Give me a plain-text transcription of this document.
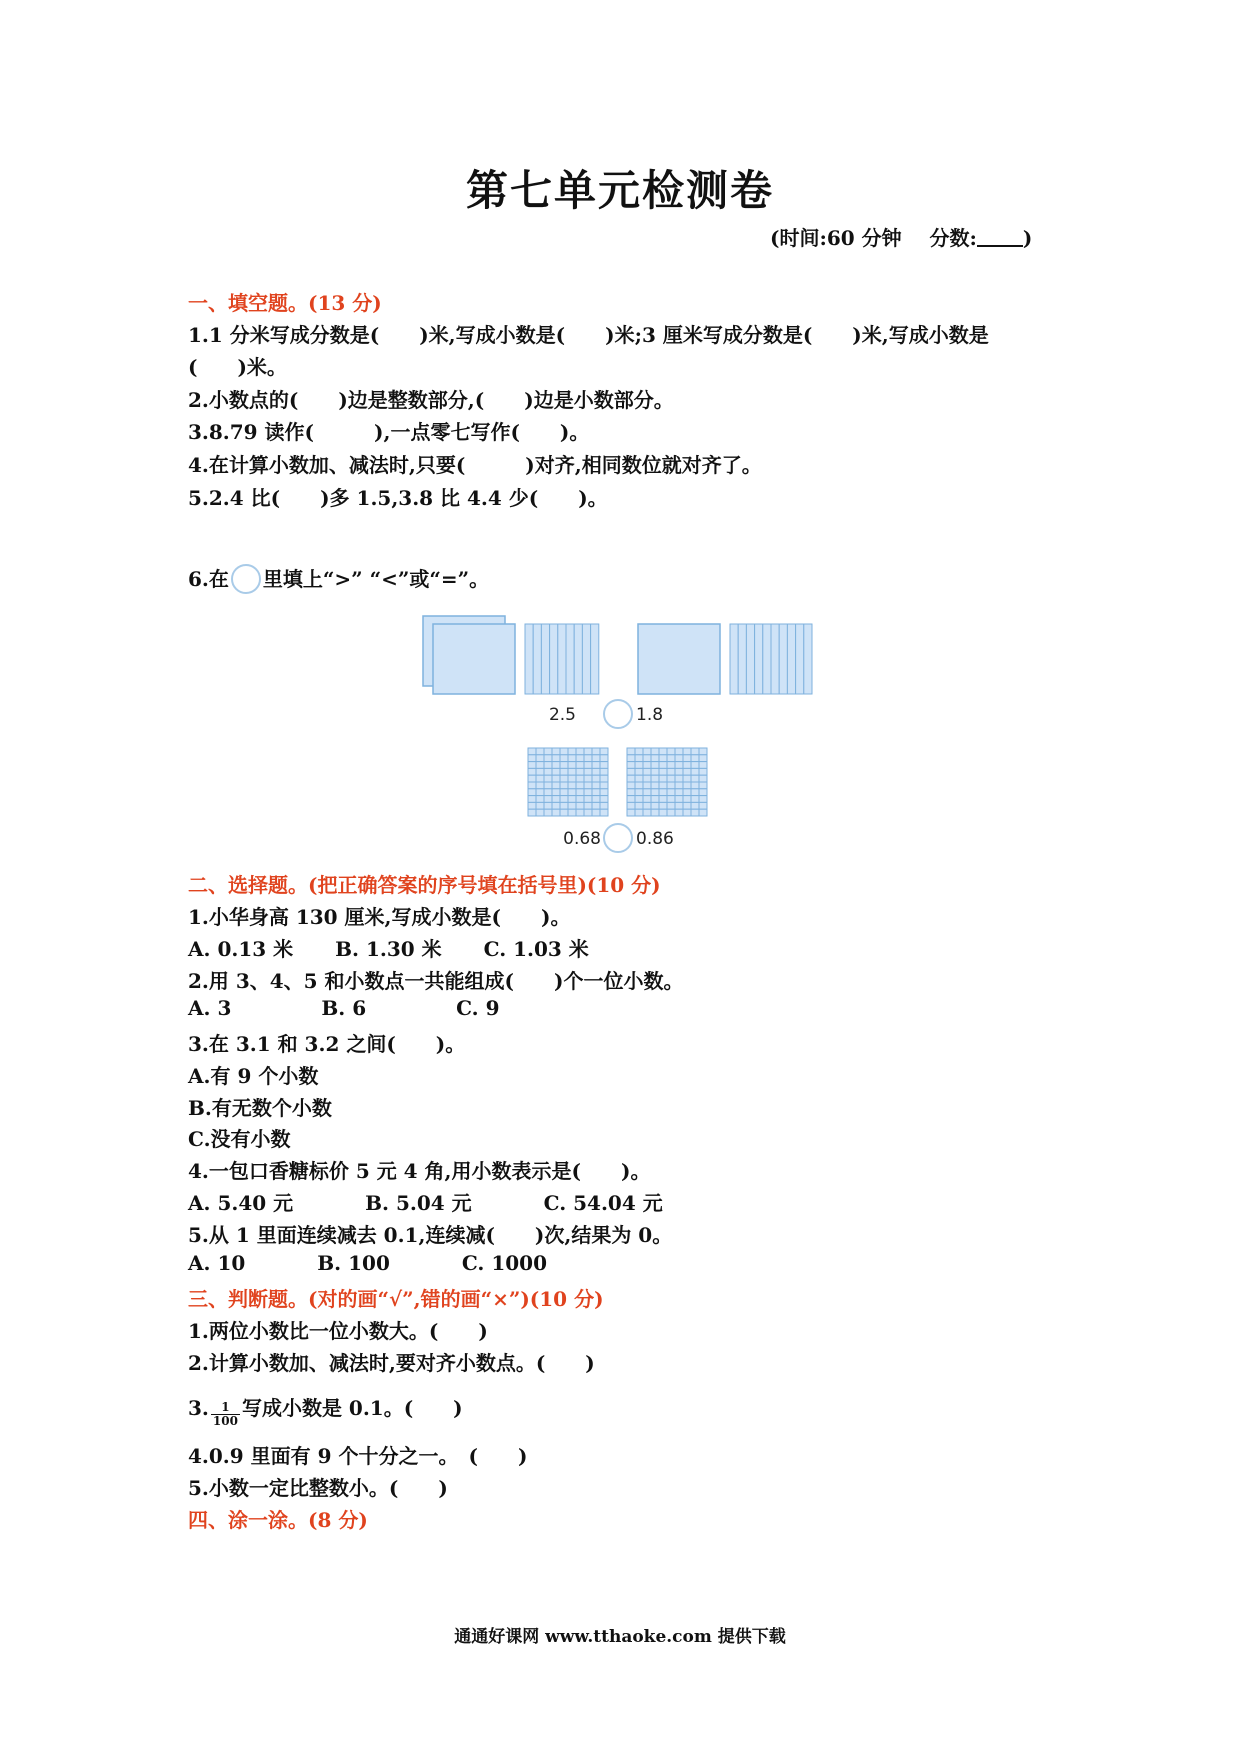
第七单元检测卷
(时间:60 分钟 分数: )
一、填空题。(13 分)
1.1 分米写成分数是(　　)米,写成小数是(　　)米;3 厘米写成分数是(　　)米,写成小数是
(　　)米。
2.小数点的(　　)边是整数部分,(　　)边是小数部分。
3.8.79 读作(　　　),一点零七写作(　　)。
4.在计算小数加、减法时,只要(　　　)对齐,相同数位就对齐了。
5.2.4 比(　　)多 1.5,3.8 比 4.4 少(　　)。
6.在 里填上“>” “<”或“=”。
2.5	1.8
0.68 0.86
二、选择题。(把正确答案的序号填在括号里)(10 分)
1.小华身高 130 厘米,写成小数是(　　)。
A. 0.13 米 B. 1.30 米 C. 1.03 米
2.用 3、4、5 和小数点一共能组成(　　)个一位小数。
A. 3	B. 6	C. 9
3.在 3.1 和 3.2 之间(　　)。
A.有 9 个小数
B.有无数个小数
C.没有小数
4.一包口香糖标价 5 元 4 角,用小数表示是(　　)。
A. 5.40 元	B. 5.04 元	C. 54.04 元
5.从 1 里面连续减去 0.1,连续减(　　)次,结果为 0。
A. 10	B. 100	C. 1000
三、判断题。(对的画“√”,错的画“×”)(10 分)
1.两位小数比一位小数大。(　　)
2.计算小数加、减法时,要对齐小数点。(　　)
3. $\frac{1}{100}$ 写成小数是 0.1。(　　)
4.0.9 里面有 9 个十分之一。　(　　)
5.小数一定比整数小。(　　)
四、涂一涂。(8 分)
通通好课网 www.tthaoke.com 提供下载
